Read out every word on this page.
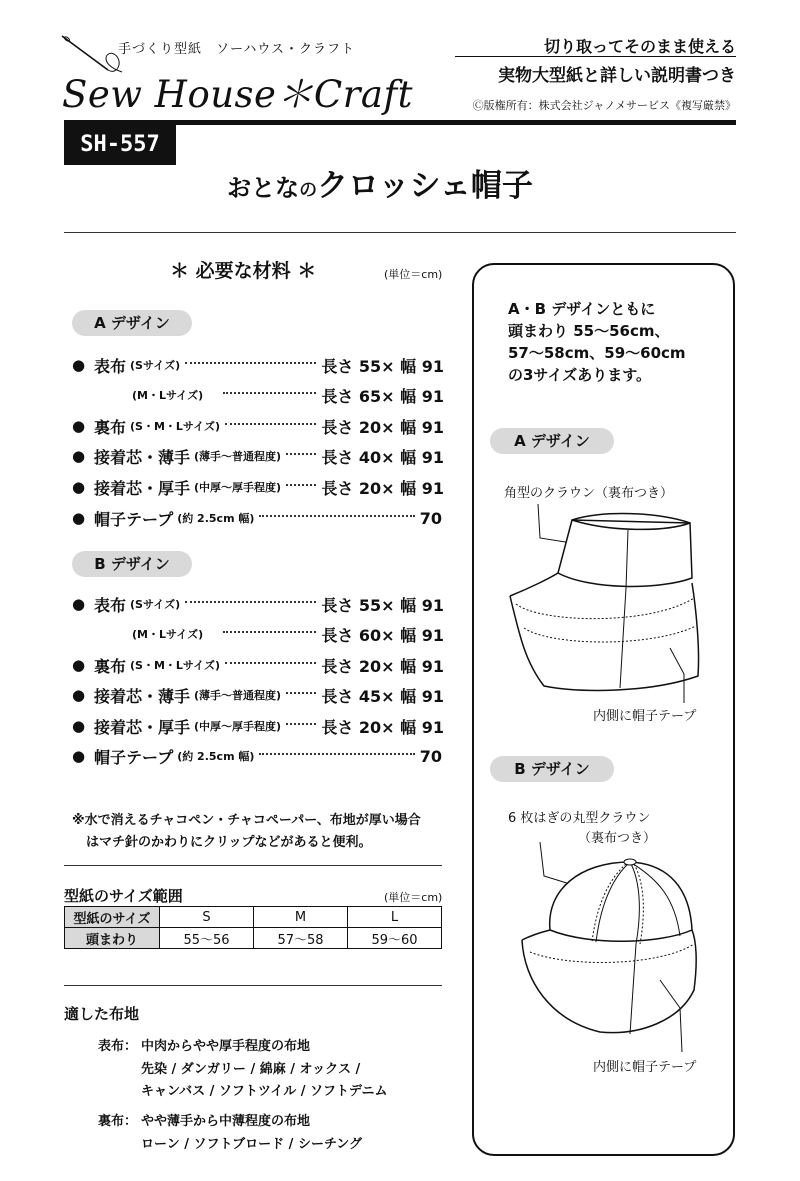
手づくり型紙　ソーハウス・クラフト
Sew House＊Craft
切り取ってそのまま使える
実物大型紙と詳しい説明書つき
Ⓒ版権所有：株式会社ジャノメサービス《複写厳禁》
SH-557
おとなのクロッシェ帽子
＊ 必要な材料 ＊	(単位＝cm)
A デザイン
● 表布 (Sサイズ)	長さ 55× 幅 91
(M・Lサイズ)	長さ 65× 幅 91
● 裏布 (S・M・Lサイズ)	長さ 20× 幅 91
● 接着芯・薄手 (薄手〜普通程度)	長さ 40× 幅 91
● 接着芯・厚手 (中厚〜厚手程度)	長さ 20× 幅 91
● 帽子テープ (約 2.5cm 幅)	70
B デザイン
● 表布 (Sサイズ)	長さ 55× 幅 91
(M・Lサイズ)	長さ 60× 幅 91
● 裏布 (S・M・Lサイズ)	長さ 20× 幅 91
● 接着芯・薄手 (薄手〜普通程度)	長さ 45× 幅 91
● 接着芯・厚手 (中厚〜厚手程度)	長さ 20× 幅 91
● 帽子テープ (約 2.5cm 幅)	70
※水で消えるチャコペン・チャコペーパー、布地が厚い場合
はマチ針のかわりにクリップなどがあると便利。
型紙のサイズ範囲	(単位＝cm)
型紙のサイズ	S	M	L
頭まわり	55〜56	57〜58	59〜60
適した布地
表布： 中肉からやや厚手程度の布地
先染 / ダンガリー / 綿麻 / オックス /
キャンバス / ソフトツイル / ソフトデニム
裏布： やや薄手から中薄程度の布地
ローン / ソフトブロード / シーチング
A・B デザインともに
頭まわり 55〜56cm、
57〜58cm、59〜60cm
の3サイズあります。
A デザイン
角型のクラウン（裏布つき）
内側に帽子テープ
B デザイン
6 枚はぎの丸型クラウン
（裏布つき）
内側に帽子テープ
